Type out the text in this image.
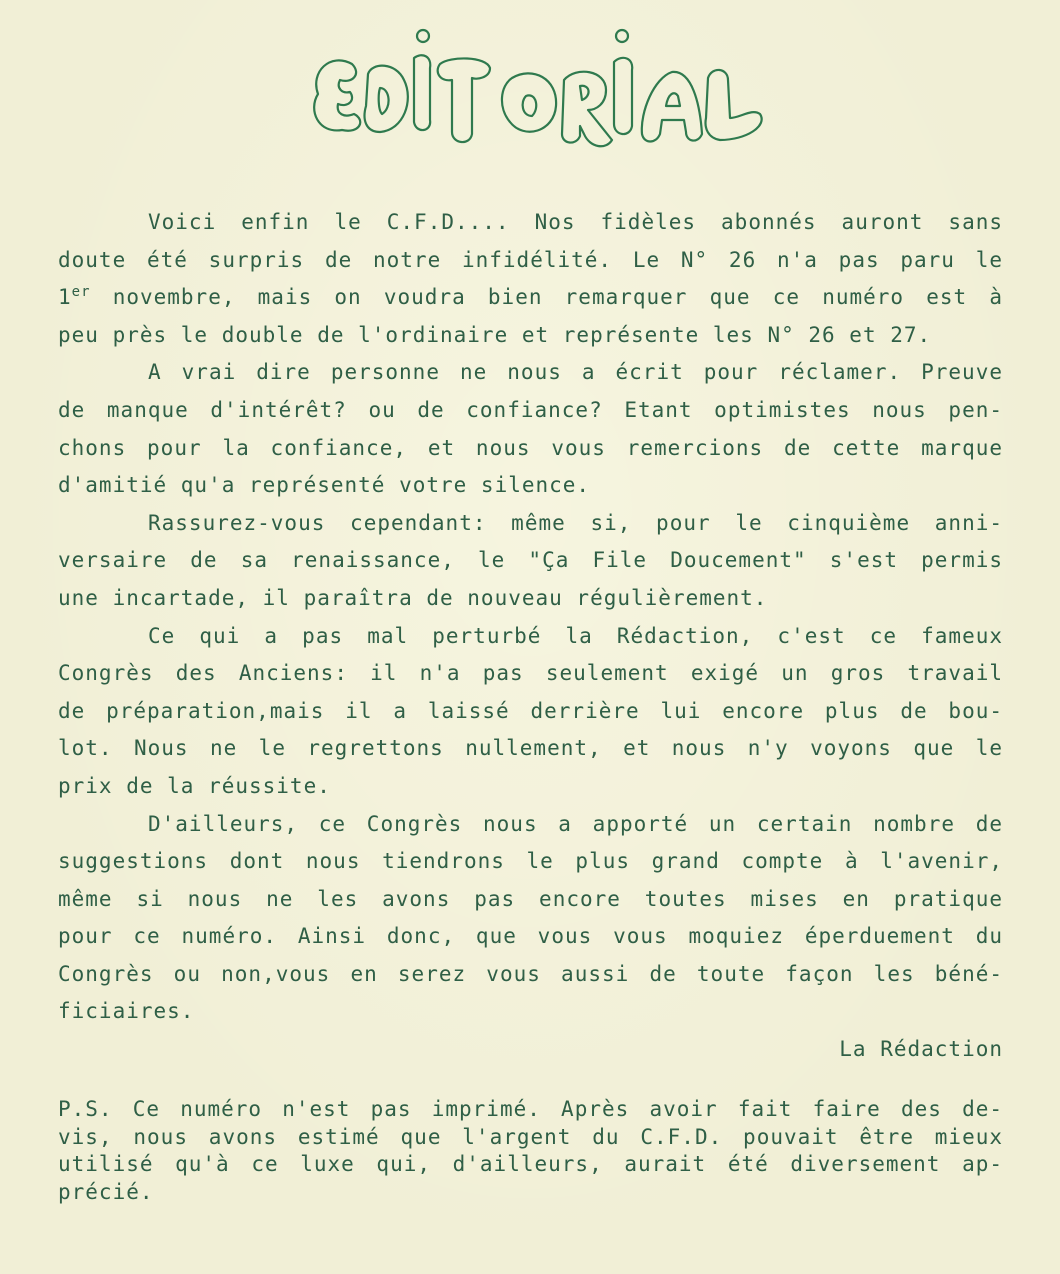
Voici enfin le C.F.D.... Nos fidèles abonnés auront sans
doute été surpris de notre infidélité. Le N° 26 n'a pas paru le
1er novembre, mais on voudra bien remarquer que ce numéro est à
peu près le double de l'ordinaire et représente les N° 26 et 27.
A vrai dire personne ne nous a écrit pour réclamer. Preuve
de manque d'intérêt? ou de confiance? Etant optimistes nous pen-
chons pour la confiance, et nous vous remercions de cette marque
d'amitié qu'a représenté votre silence.
Rassurez-vous cependant: même si, pour le cinquième anni-
versaire de sa renaissance, le "Ça File Doucement" s'est permis
une incartade, il paraîtra de nouveau régulièrement.
Ce qui a pas mal perturbé la Rédaction, c'est ce fameux
Congrès des Anciens: il n'a pas seulement exigé un gros travail
de préparation,mais il a laissé derrière lui encore plus de bou-
lot. Nous ne le regrettons nullement, et nous n'y voyons que le
prix de la réussite.
D'ailleurs, ce Congrès nous a apporté un certain nombre de
suggestions dont nous tiendrons le plus grand compte à l'avenir,
même si nous ne les avons pas encore toutes mises en pratique
pour ce numéro. Ainsi donc, que vous vous moquiez éperduement du
Congrès ou non,vous en serez vous aussi de toute façon les béné-
ficiaires.
La Rédaction
P.S. Ce numéro n'est pas imprimé. Après avoir fait faire des de-
vis, nous avons estimé que l'argent du C.F.D. pouvait être mieux
utilisé qu'à ce luxe qui, d'ailleurs, aurait été diversement ap-
précié.
